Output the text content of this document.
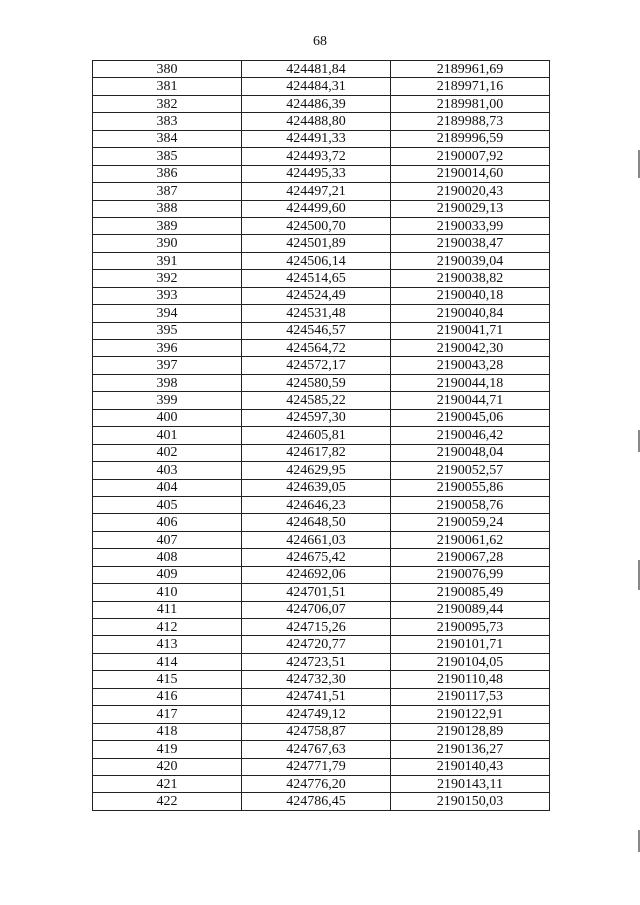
68
380	424481,84	2189961,69
381	424484,31	2189971,16
382	424486,39	2189981,00
383	424488,80	2189988,73
384	424491,33	2189996,59
385	424493,72	2190007,92
386	424495,33	2190014,60
387	424497,21	2190020,43
388	424499,60	2190029,13
389	424500,70	2190033,99
390	424501,89	2190038,47
391	424506,14	2190039,04
392	424514,65	2190038,82
393	424524,49	2190040,18
394	424531,48	2190040,84
395	424546,57	2190041,71
396	424564,72	2190042,30
397	424572,17	2190043,28
398	424580,59	2190044,18
399	424585,22	2190044,71
400	424597,30	2190045,06
401	424605,81	2190046,42
402	424617,82	2190048,04
403	424629,95	2190052,57
404	424639,05	2190055,86
405	424646,23	2190058,76
406	424648,50	2190059,24
407	424661,03	2190061,62
408	424675,42	2190067,28
409	424692,06	2190076,99
410	424701,51	2190085,49
411	424706,07	2190089,44
412	424715,26	2190095,73
413	424720,77	2190101,71
414	424723,51	2190104,05
415	424732,30	2190110,48
416	424741,51	2190117,53
417	424749,12	2190122,91
418	424758,87	2190128,89
419	424767,63	2190136,27
420	424771,79	2190140,43
421	424776,20	2190143,11
422	424786,45	2190150,03
